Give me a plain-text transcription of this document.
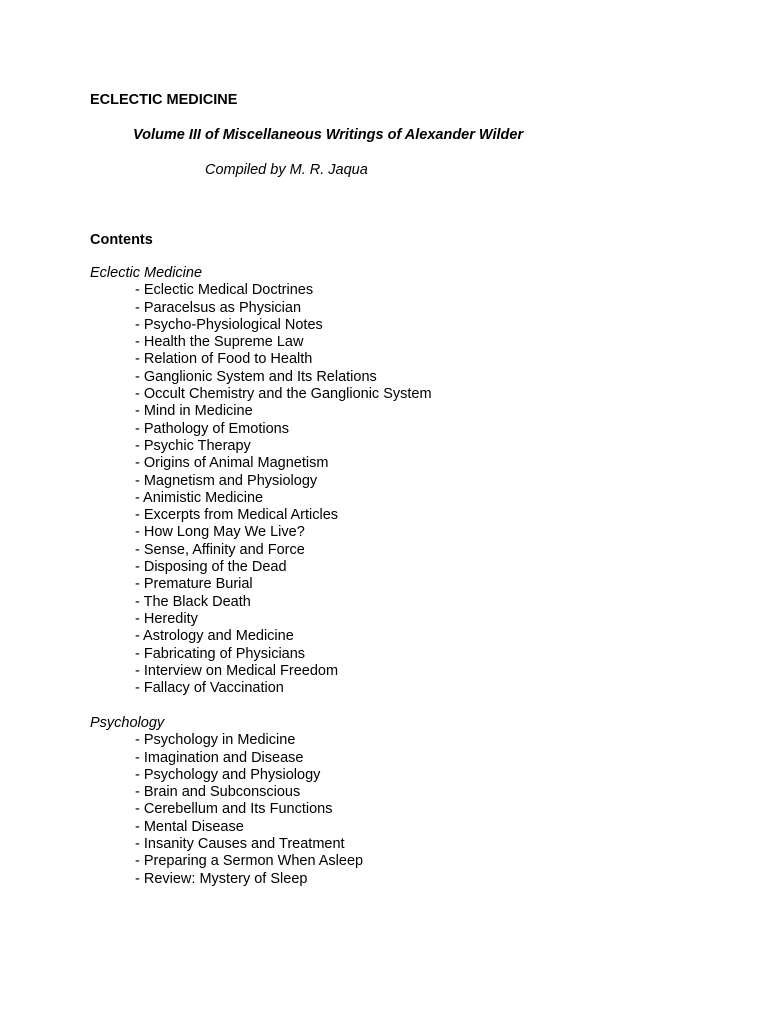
ECLECTIC MEDICINE
Volume III of Miscellaneous Writings of Alexander Wilder
Compiled by M. R. Jaqua
Contents
Eclectic Medicine
- Eclectic Medical Doctrines
- Paracelsus as Physician
- Psycho-Physiological Notes
- Health the Supreme Law
- Relation of Food to Health
- Ganglionic System and Its Relations
- Occult Chemistry and the Ganglionic System
- Mind in Medicine
- Pathology of Emotions
- Psychic Therapy
- Origins of Animal Magnetism
- Magnetism and Physiology
- Animistic Medicine
- Excerpts from Medical Articles
- How Long May We Live?
- Sense, Affinity and Force
- Disposing of the Dead
- Premature Burial
- The Black Death
- Heredity
- Astrology and Medicine
- Fabricating of Physicians
- Interview on Medical Freedom
- Fallacy of Vaccination
Psychology
- Psychology in Medicine
- Imagination and Disease
- Psychology and Physiology
- Brain and Subconscious
- Cerebellum and Its Functions
- Mental Disease
- Insanity Causes and Treatment
- Preparing a Sermon When Asleep
- Review: Mystery of Sleep
